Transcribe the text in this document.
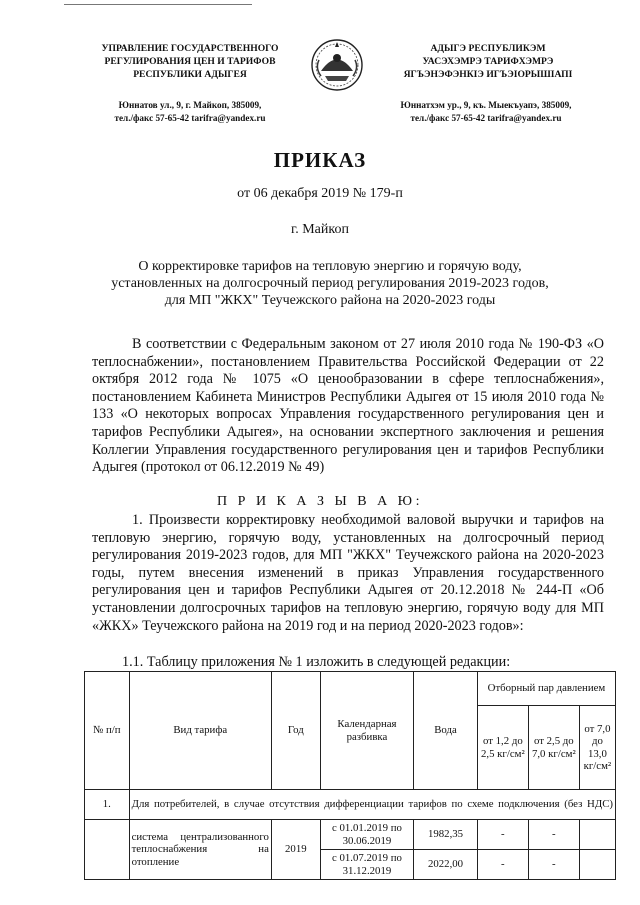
УПРАВЛЕНИЕ ГОСУДАРСТВЕННОГО
РЕГУЛИРОВАНИЯ ЦЕН И ТАРИФОВ
РЕСПУБЛИКИ АДЫГЕЯ
АДЫГЭ РЕСПУБЛИКЭМ
УАСЭХЭМРЭ ТАРИФХЭМРЭ
ЯГЪЭНЭФЭНКIЭ ИГЪЭIОРЫШIАПI
Юннатов ул., 9, г. Майкоп, 385009,
тел./факс 57-65-42 tarifra@yandex.ru
Юннатхэм ур., 9, къ. Мыекъуапэ, 385009,
тел./факс 57-65-42 tarifra@yandex.ru
ПРИКАЗ
от 06 декабря 2019 № 179-п
г. Майкоп
О корректировке тарифов на тепловую энергию и горячую воду,
установленных на долгосрочный период регулирования 2019-2023 годов,
для МП "ЖКХ" Теучежского района на 2020-2023 годы
В соответствии с Федеральным законом от 27 июля 2010 года № 190-ФЗ «О теплоснабжении», постановлением Правительства Российской Федерации от 22 октября 2012 года № 1075 «О ценообразовании в сфере теплоснабжения», постановлением Кабинета Министров Республики Адыгея от 15 июля 2010 года № 133 «О некоторых вопросах Управления государственного регулирования цен и тарифов Республики Адыгея», на основании экспертного заключения и решения Коллегии Управления государственного регулирования цен и тарифов Республики Адыгея (протокол от 06.12.2019 № 49)
П Р И К А З Ы В А Ю:
1. Произвести корректировку необходимой валовой выручки и тарифов на тепловую энергию, горячую воду, установленных на долгосрочный период регулирования 2019-2023 годов, для МП "ЖКХ" Теучежского района на 2020-2023 годы, путем внесения изменений в приказ Управления государственного регулирования цен и тарифов Республики Адыгея от 20.12.2018 № 244-П «Об установлении долгосрочных тарифов на тепловую энергию, горячую воду для МП «ЖКХ» Теучежского района на 2019 год и на период 2020-2023 годов»:
1.1. Таблицу приложения № 1 изложить в следующей редакции:
№ п/п	Вид тарифа	Год	Календарная разбивка	Вода	Отборный пар давлением		
					от 1,2 до 2,5 кг/см²	от 2,5 до 7,0 кг/см²	от 7,0 до 13,0 кг/см²
1.	Для потребителей, в случае отсутствия дифференциации тарифов по схеме подключения (без НДС)						
	система централизованного теплоснабжения на отопление	2019	с 01.01.2019 по 30.06.2019	1982,35	-	-	
			с 01.07.2019 по 31.12.2019	2022,00	-	-	
